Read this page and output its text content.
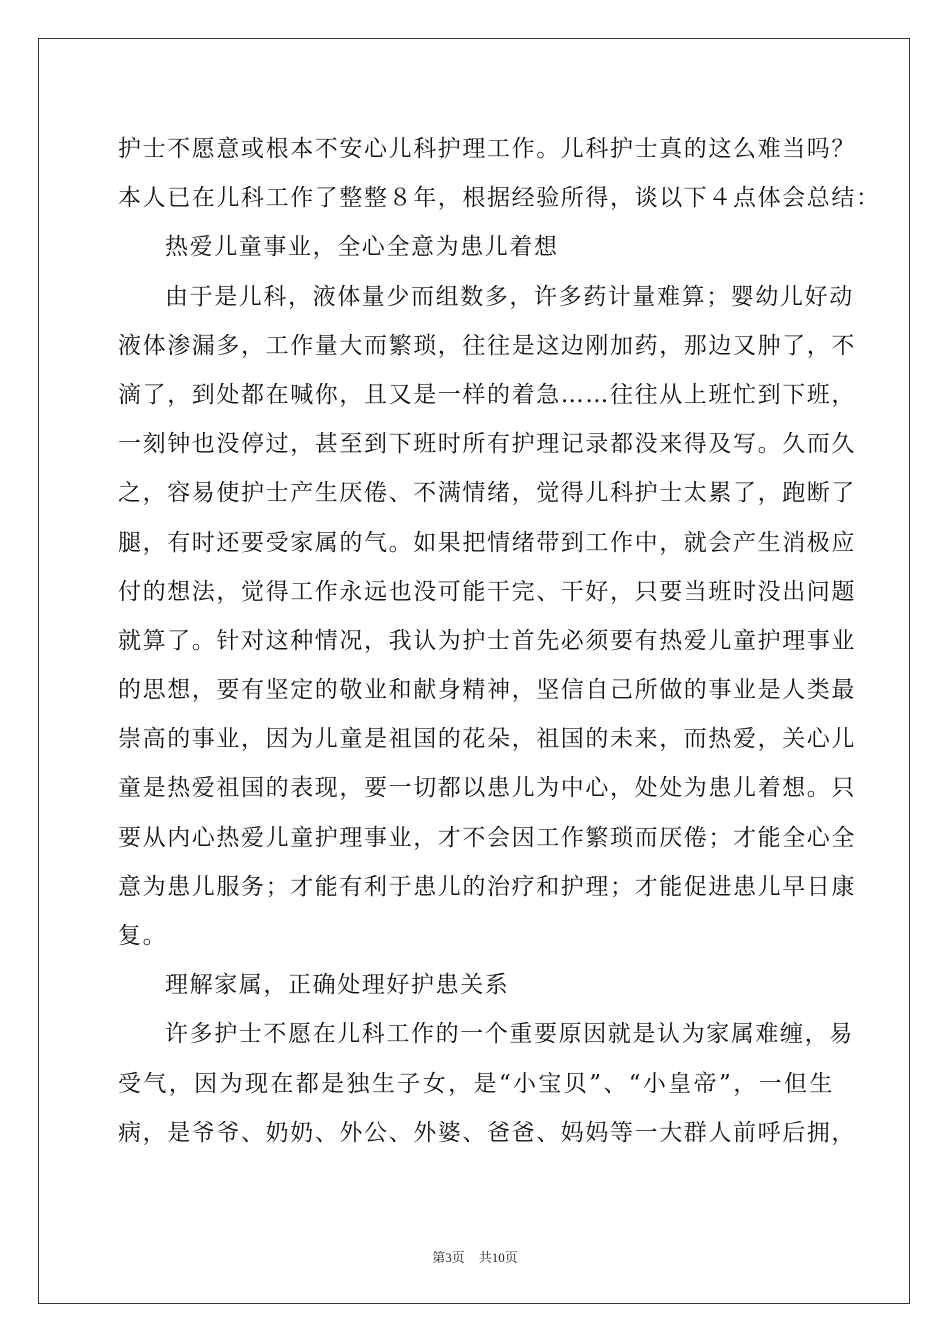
护士不愿意或根本不安心儿科护理工作。儿科护士真的这么难当吗？
本人已在儿科工作了整整８年，根据经验所得，谈以下４点体会总结：
热爱儿童事业，全心全意为患儿着想
由于是儿科，液体量少而组数多，许多药计量难算；婴幼儿好动
液体渗漏多，工作量大而繁琐，往往是这边刚加药，那边又肿了，不
滴了，到处都在喊你，且又是一样的着急……往往从上班忙到下班，
一刻钟也没停过，甚至到下班时所有护理记录都没来得及写。久而久
之，容易使护士产生厌倦、不满情绪，觉得儿科护士太累了，跑断了
腿，有时还要受家属的气。如果把情绪带到工作中，就会产生消极应
付的想法，觉得工作永远也没可能干完、干好，只要当班时没出问题
就算了。针对这种情况，我认为护士首先必须要有热爱儿童护理事业
的思想，要有坚定的敬业和献身精神，坚信自己所做的事业是人类最
崇高的事业，因为儿童是祖国的花朵，祖国的未来，而热爱，关心儿
童是热爱祖国的表现，要一切都以患儿为中心，处处为患儿着想。只
要从内心热爱儿童护理事业，才不会因工作繁琐而厌倦；才能全心全
意为患儿服务；才能有利于患儿的治疗和护理；才能促进患儿早日康
复。
理解家属，正确处理好护患关系
许多护士不愿在儿科工作的一个重要原因就是认为家属难缠，易
受气，因为现在都是独生子女，是“小宝贝”、“小皇帝”，一但生
病，是爷爷、奶奶、外公、外婆、爸爸、妈妈等一大群人前呼后拥，
第3页 共10页
